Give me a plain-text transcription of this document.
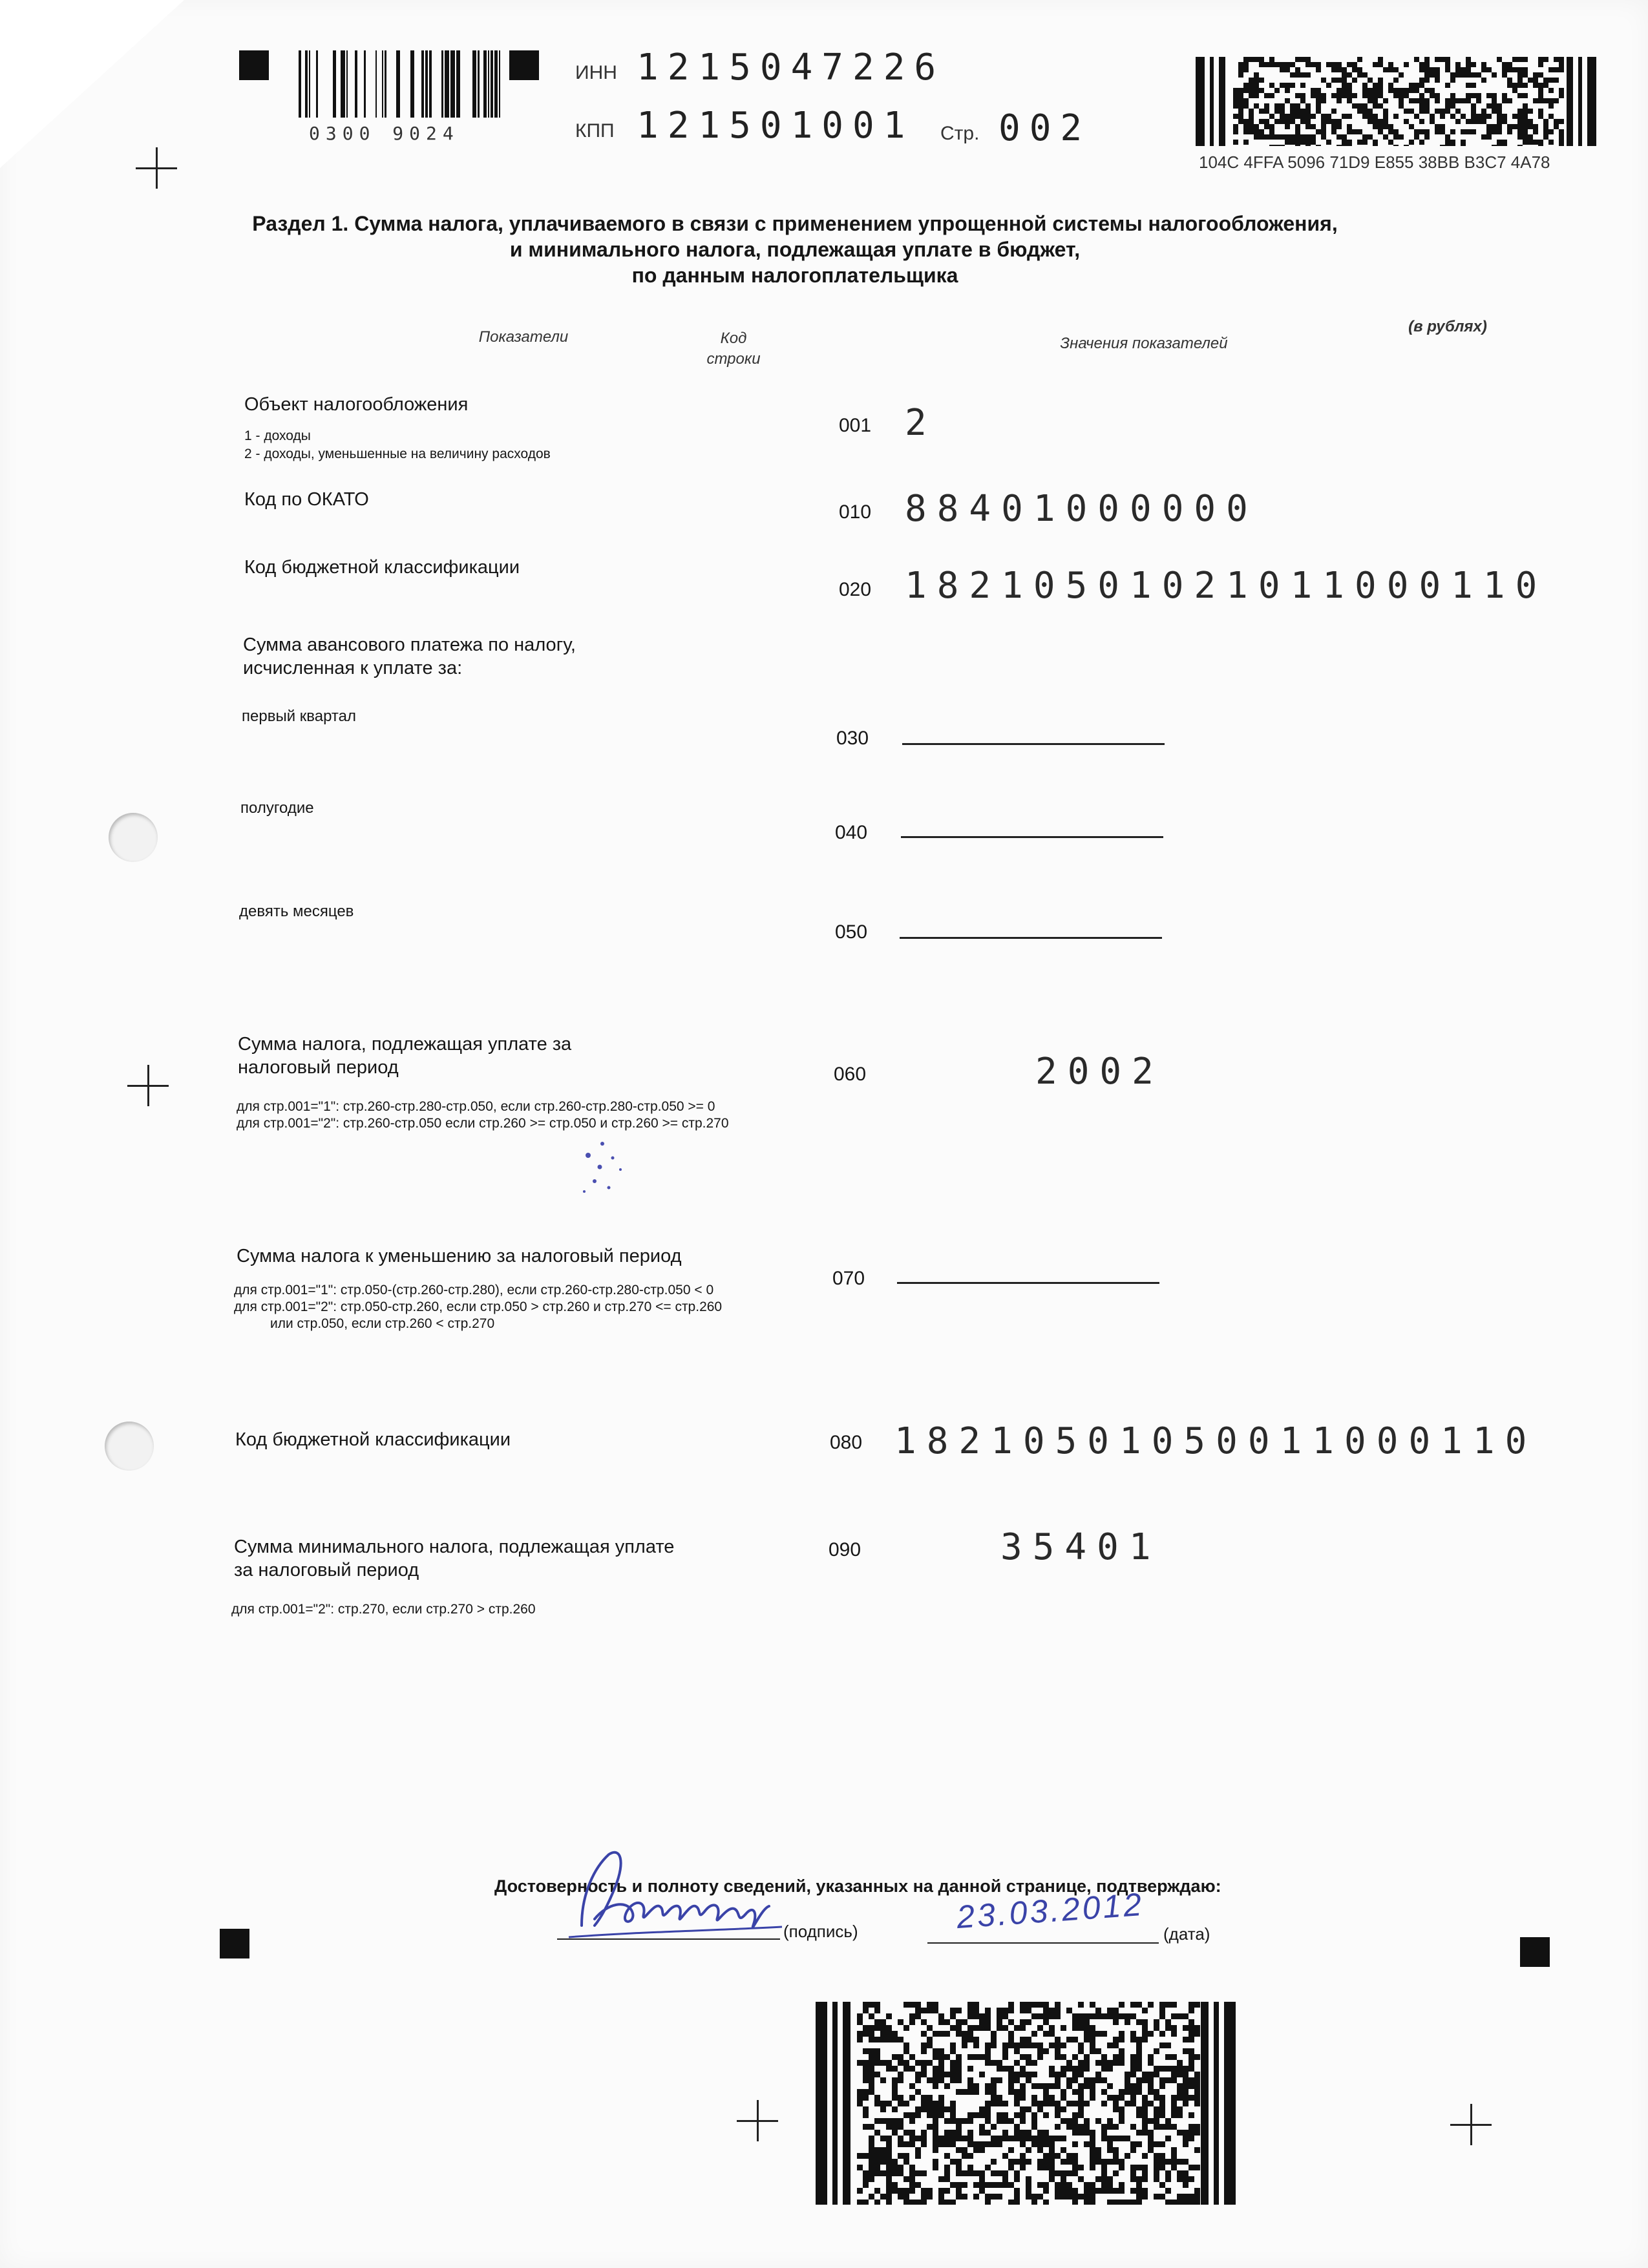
0300 9024
ИНН 1215047226
КПП 121501001 Стр. 002
104C 4FFA 5096 71D9 E855 38BB B3C7 4A78
Раздел 1. Сумма налога, уплачиваемого в связи с применением упрощенной системы налогообложения,
и минимального налога, подлежащая уплате в бюджет,
по данным налогоплательщика
Показатели	Код
строки
Значения показателей
(в рублях)
Объект налогообложения
1 - доходы
2 - доходы, уменьшенные на величину расходов
001 2
Код по ОКАТО
010 88401000000
Код бюджетной классификации
020 18210501021011000110
Сумма авансового платежа по налогу,
исчисленная к уплате за:
первый квартал
030
полугодие
040
девять месяцев
050
Сумма налога, подлежащая уплате за
налоговый период
для стр.001="1": стр.260-стр.280-стр.050, если стр.260-стр.280-стр.050 >= 0
для стр.001="2": стр.260-стр.050 если стр.260 >= стр.050 и стр.260 >= стр.270
060	2002
Сумма налога к уменьшению за налоговый период
для стр.001="1": стр.050-(стр.260-стр.280), если стр.260-стр.280-стр.050 < 0
для стр.001="2": стр.050-стр.260, если стр.050 > стр.260 и стр.270 <= стр.260
или стр.050, если стр.260 < стр.270
070
Код бюджетной классификации	080 18210501050011000110
Сумма минимального налога, подлежащая уплате
за налоговый период
для стр.001="2": стр.270, если стр.270 > стр.260
090	35401
Достоверность и полноту сведений, указанных на данной странице, подтверждаю:
(подпись)	23.03.2012 (дата)
